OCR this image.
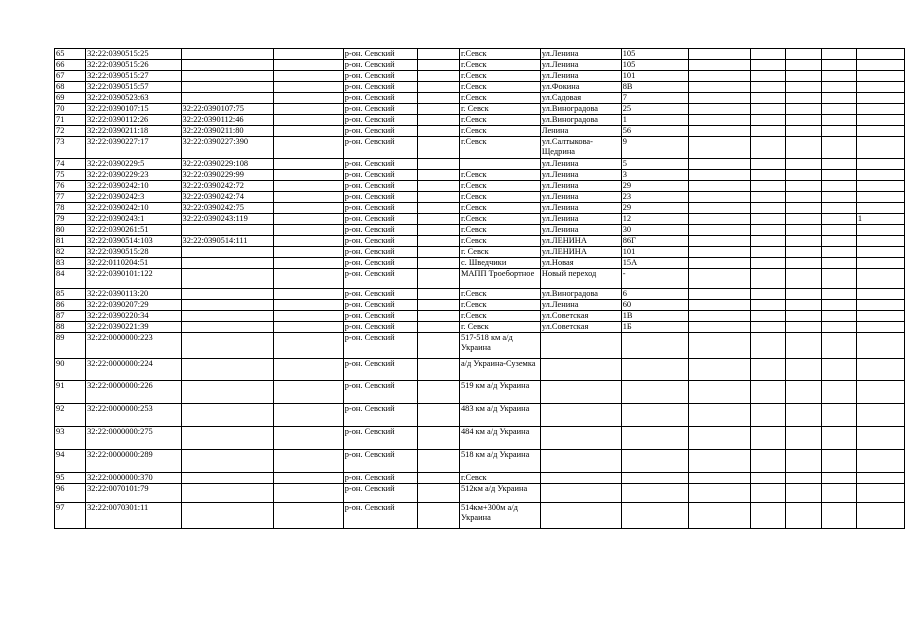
65	32:22:0390515:25			р-он. Севский		г.Севск	ул.Ленина	105					
66	32:22:0390515:26			р-он. Севский		г.Севск	ул.Ленина	105					
67	32:22:0390515:27			р-он. Севский		г.Севск	ул.Ленина	101					
68	32:22:0390515:57			р-он. Севский		г.Севск	ул.Фокина	8В					
69	32:22:0390523:63			р-он. Севский		г.Севск	ул.Садовая	7					
70	32:22:0390107:15	32:22:0390107:75		р-он. Севский		г. Севск	ул.Виноградова	25					
71	32:22:0390112:26	32:22:0390112:46		р-он. Севский		г.Севск	ул.Виноградова	1					
72	32:22:0390211:18	32:22:0390211:80		р-он. Севский		г.Севск	Ленина	56					
73	32:22:0390227:17	32:22:0390227:390		р-он. Севский		г.Севск	ул.Салтыкова-Щедрина	9					
74	32:22:0390229:5	32:22:0390229:108		р-он. Севский			ул.Ленина	5					
75	32:22:0390229:23	32:22:0390229:99		р-он. Севский		г.Севск	ул.Ленина	3					
76	32:22:0390242:10	32:22:0390242:72		р-он. Севский		г.Севск	ул.Ленина	29					
77	32:22:0390242:3	32:22:0390242:74		р-он. Севский		г.Севск	ул.Ленина	23					
78	32:22:0390242:10	32:22:0390242:75		р-он. Севский		г.Севск	ул.Ленина	29					
79	32:22:0390243:1	32:22:0390243:119		р-он. Севский		г.Севск	ул.Ленина	12					1
80	32:22:0390261:51			р-он. Севский		г.Севск	ул.Ленина	30					
81	32:22:0390514:103	32:22:0390514:111		р-он. Севский		г.Севск	ул.ЛЕНИНА	86Г					
82	32:22:0390515:28			р-он. Севский		г. Севск	ул.ЛЕНИНА	101					
83	32:22:0110204:51			р-он. Севский		с. Шведчики	ул.Новая	15А					
84	32:22:0390101:122			р-он. Севский		МАПП Троебортное	Новый переход	-					
85	32:22:0390113:20			р-он. Севский		г.Севск	ул.Виноградова	6					
86	32:22:0390207:29			р-он. Севский		г.Севск	ул.Ленина	60					
87	32:22:0390220:34			р-он. Севский		г.Севск	ул.Советская	1В					
88	32:22:0390221:39			р-он. Севский		г. Севск	ул.Советская	1Б					
89	32:22:0000000:223			р-он. Севский		517-518 км а/д Украина							
90	32:22:0000000:224			р-он. Севский		а/д Украина-Суземка							
91	32:22:0000000:226			р-он. Севский		519 км а/д Украина							
92	32:22:0000000:253			р-он. Севский		483 км а/д Украина							
93	32:22:0000000:275			р-он. Севский		484 км а/д Украина							
94	32:22:0000000:289			р-он. Севский		518 км а/д Украина							
95	32:22:0000000:370			р-он. Севский		г.Севск							
96	32:22:0070101:79			р-он. Севский		512км а/д Украина							
97	32:22:0070301:11			р-он. Севский		514км+300м а/д Украина							
